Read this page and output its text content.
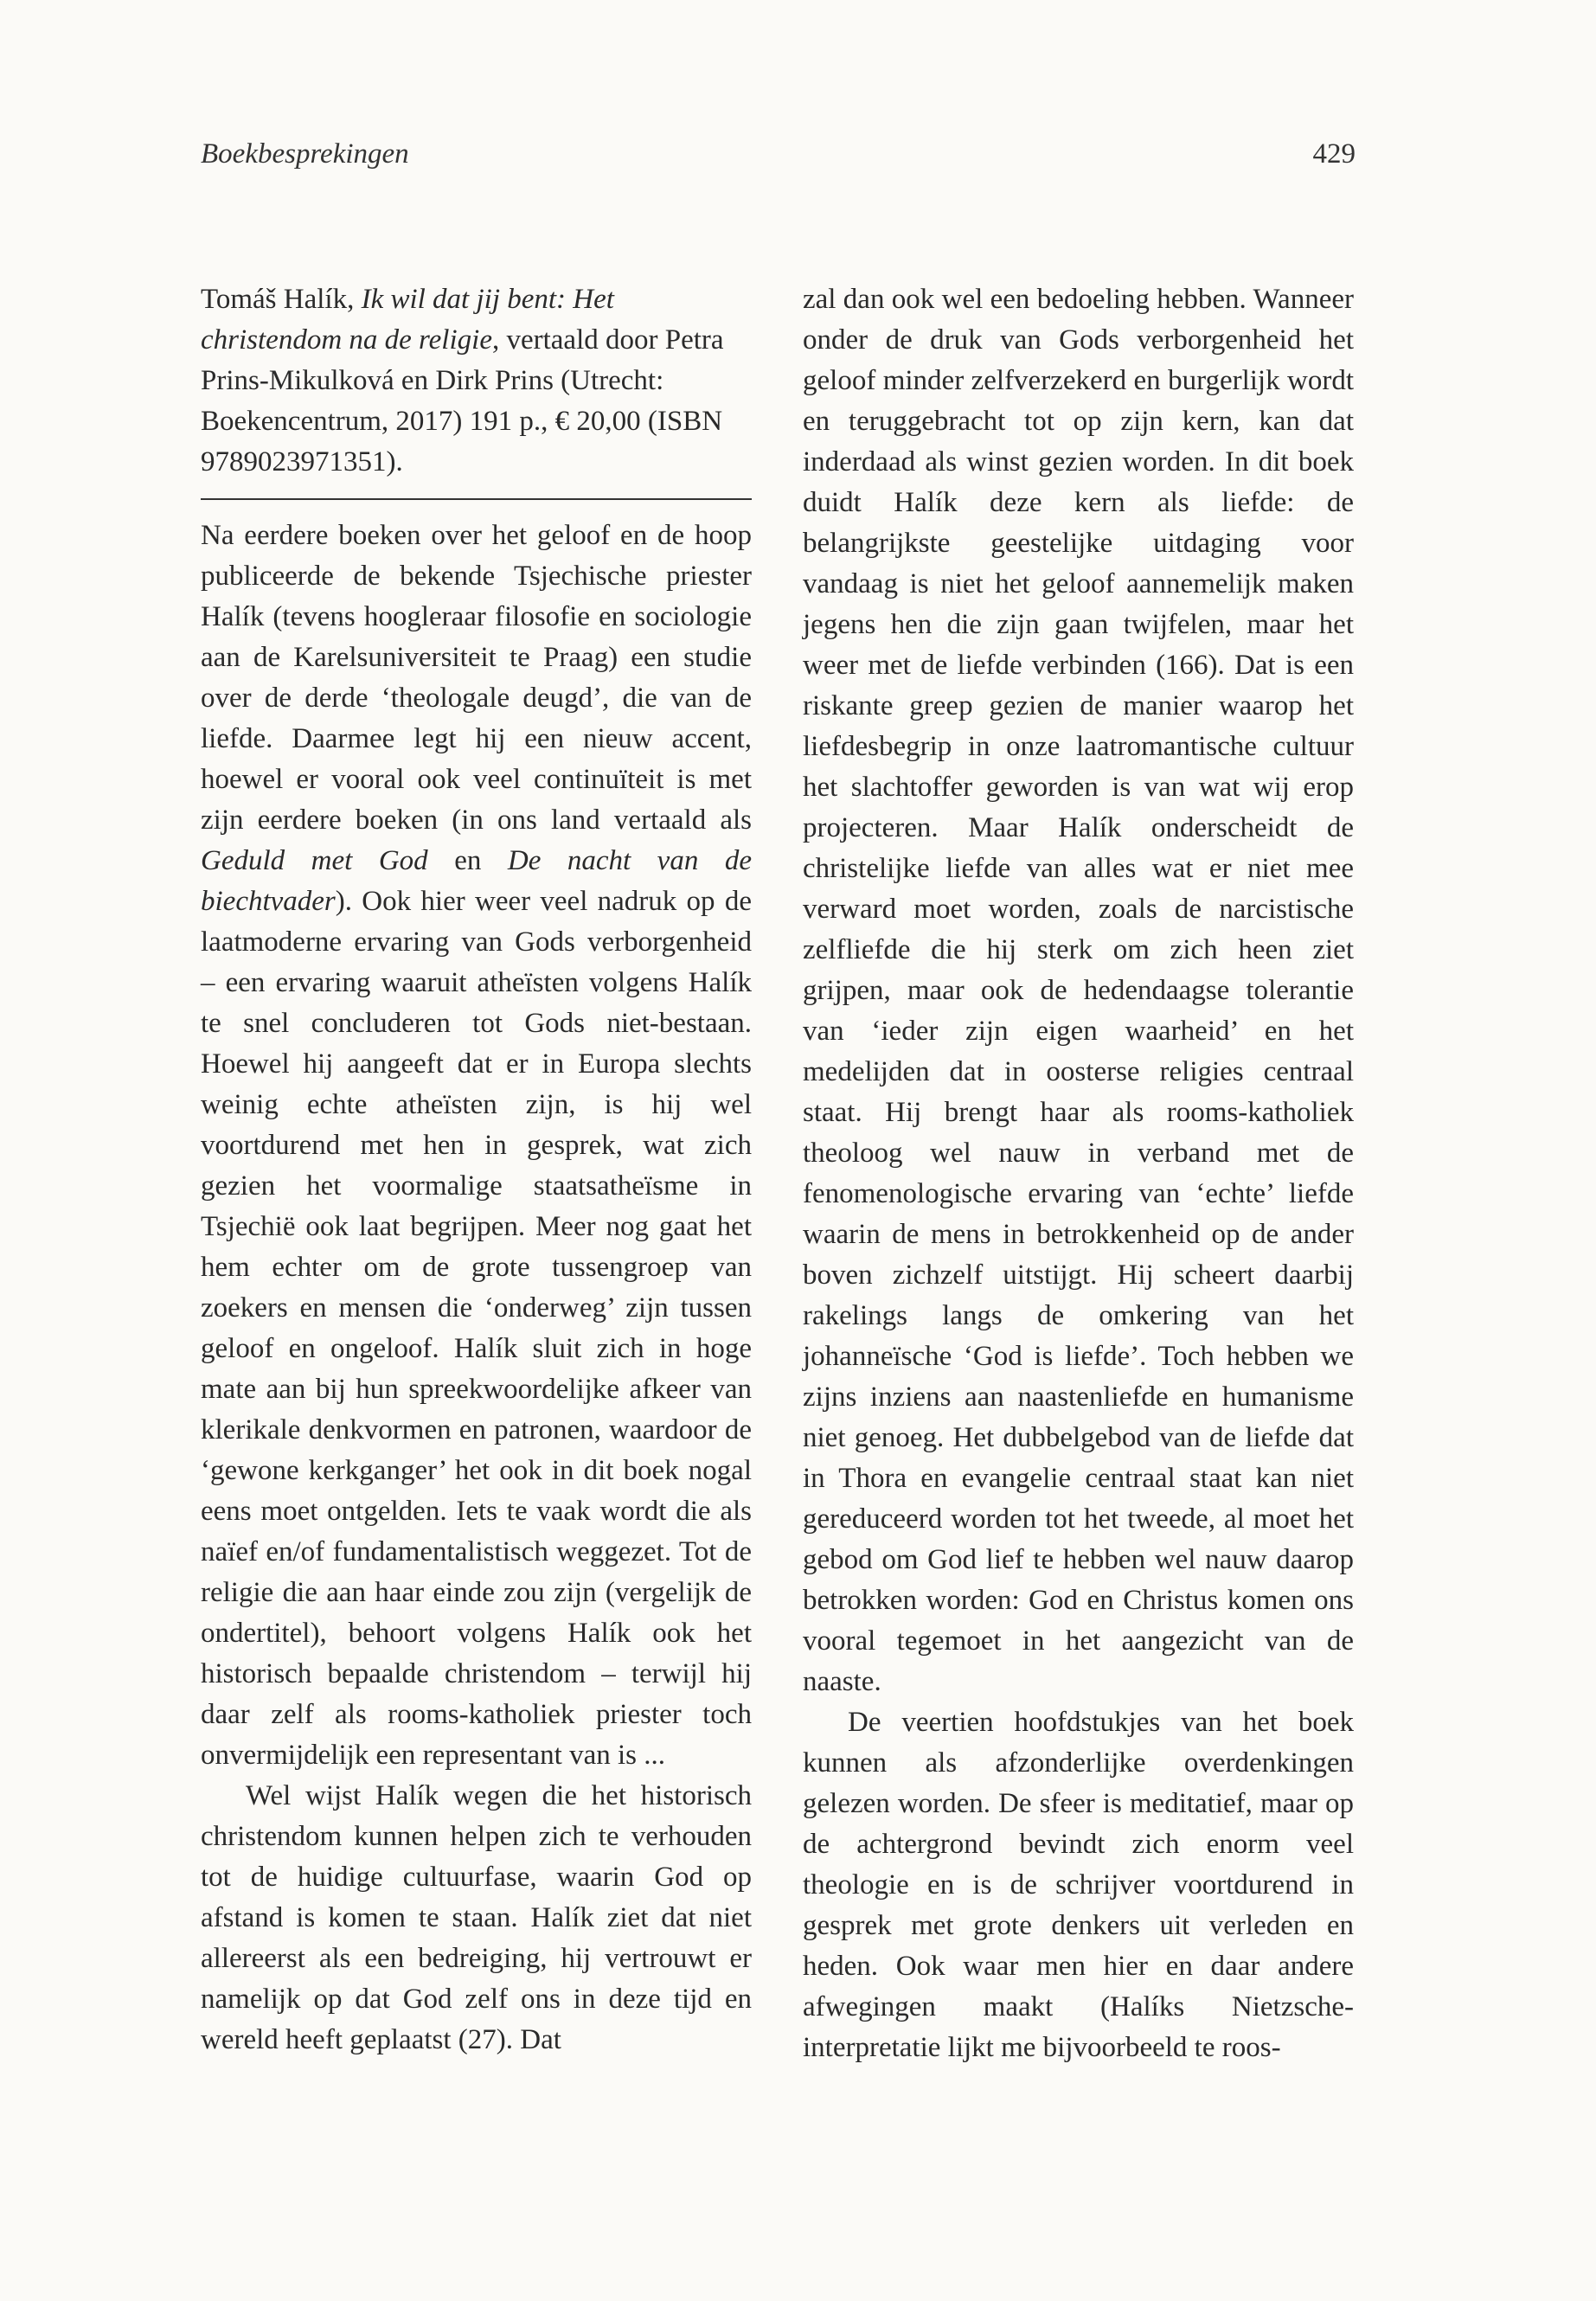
Boekbesprekingen	429

Tomáš Halík, Ik wil dat jij bent: Het christendom na de religie, vertaald door Petra Prins-Mikulková en Dirk Prins (Utrecht: Boekencentrum, 2017) 191 p., € 20,00 (ISBN 9789023971351).

Na eerdere boeken over het geloof en de hoop publiceerde de bekende Tsjechische priester Halík (tevens hoogleraar filosofie en sociologie aan de Karelsuniversiteit te Praag) een studie over de derde ‘theologale deugd’, die van de liefde. Daarmee legt hij een nieuw accent, hoewel er vooral ook veel continuïteit is met zijn eerdere boeken (in ons land vertaald als Geduld met God en De nacht van de biechtvader). Ook hier weer veel nadruk op de laatmoderne ervaring van Gods verborgenheid – een ervaring waaruit atheïsten volgens Halík te snel concluderen tot Gods niet-bestaan. Hoewel hij aangeeft dat er in Europa slechts weinig echte atheïsten zijn, is hij wel voortdurend met hen in gesprek, wat zich gezien het voormalige staatsatheïsme in Tsjechië ook laat begrijpen. Meer nog gaat het hem echter om de grote tussengroep van zoekers en mensen die ‘onderweg’ zijn tussen geloof en ongeloof. Halík sluit zich in hoge mate aan bij hun spreekwoordelijke afkeer van klerikale denkvormen en patronen, waardoor de ‘gewone kerkganger’ het ook in dit boek nogal eens moet ontgelden. Iets te vaak wordt die als naïef en/of fundamentalistisch weggezet. Tot de religie die aan haar einde zou zijn (vergelijk de ondertitel), behoort volgens Halík ook het historisch bepaalde christendom – terwijl hij daar zelf als rooms-katholiek priester toch onvermijdelijk een representant van is ...

Wel wijst Halík wegen die het historisch christendom kunnen helpen zich te verhouden tot de huidige cultuurfase, waarin God op afstand is komen te staan. Halík ziet dat niet allereerst als een bedreiging, hij vertrouwt er namelijk op dat God zelf ons in deze tijd en wereld heeft geplaatst (27). Dat

zal dan ook wel een bedoeling hebben. Wanneer onder de druk van Gods verborgenheid het geloof minder zelfverzekerd en burgerlijk wordt en teruggebracht tot op zijn kern, kan dat inderdaad als winst gezien worden. In dit boek duidt Halík deze kern als liefde: de belangrijkste geestelijke uitdaging voor vandaag is niet het geloof aannemelijk maken jegens hen die zijn gaan twijfelen, maar het weer met de liefde verbinden (166). Dat is een riskante greep gezien de manier waarop het liefdesbegrip in onze laatromantische cultuur het slachtoffer geworden is van wat wij erop projecteren. Maar Halík onderscheidt de christelijke liefde van alles wat er niet mee verward moet worden, zoals de narcistische zelfliefde die hij sterk om zich heen ziet grijpen, maar ook de hedendaagse tolerantie van ‘ieder zijn eigen waarheid’ en het medelijden dat in oosterse religies centraal staat. Hij brengt haar als rooms-katholiek theoloog wel nauw in verband met de fenomenologische ervaring van ‘echte’ liefde waarin de mens in betrokkenheid op de ander boven zichzelf uitstijgt. Hij scheert daarbij rakelings langs de omkering van het johanneïsche ‘God is liefde’. Toch hebben we zijns inziens aan naastenliefde en humanisme niet genoeg. Het dubbelgebod van de liefde dat in Thora en evangelie centraal staat kan niet gereduceerd worden tot het tweede, al moet het gebod om God lief te hebben wel nauw daarop betrokken worden: God en Christus komen ons vooral tegemoet in het aangezicht van de naaste.

De veertien hoofdstukjes van het boek kunnen als afzonderlijke overdenkingen gelezen worden. De sfeer is meditatief, maar op de achtergrond bevindt zich enorm veel theologie en is de schrijver voortdurend in gesprek met grote denkers uit verleden en heden. Ook waar men hier en daar andere afwegingen maakt (Halíks Nietzsche-interpretatie lijkt me bijvoorbeeld te roos-
